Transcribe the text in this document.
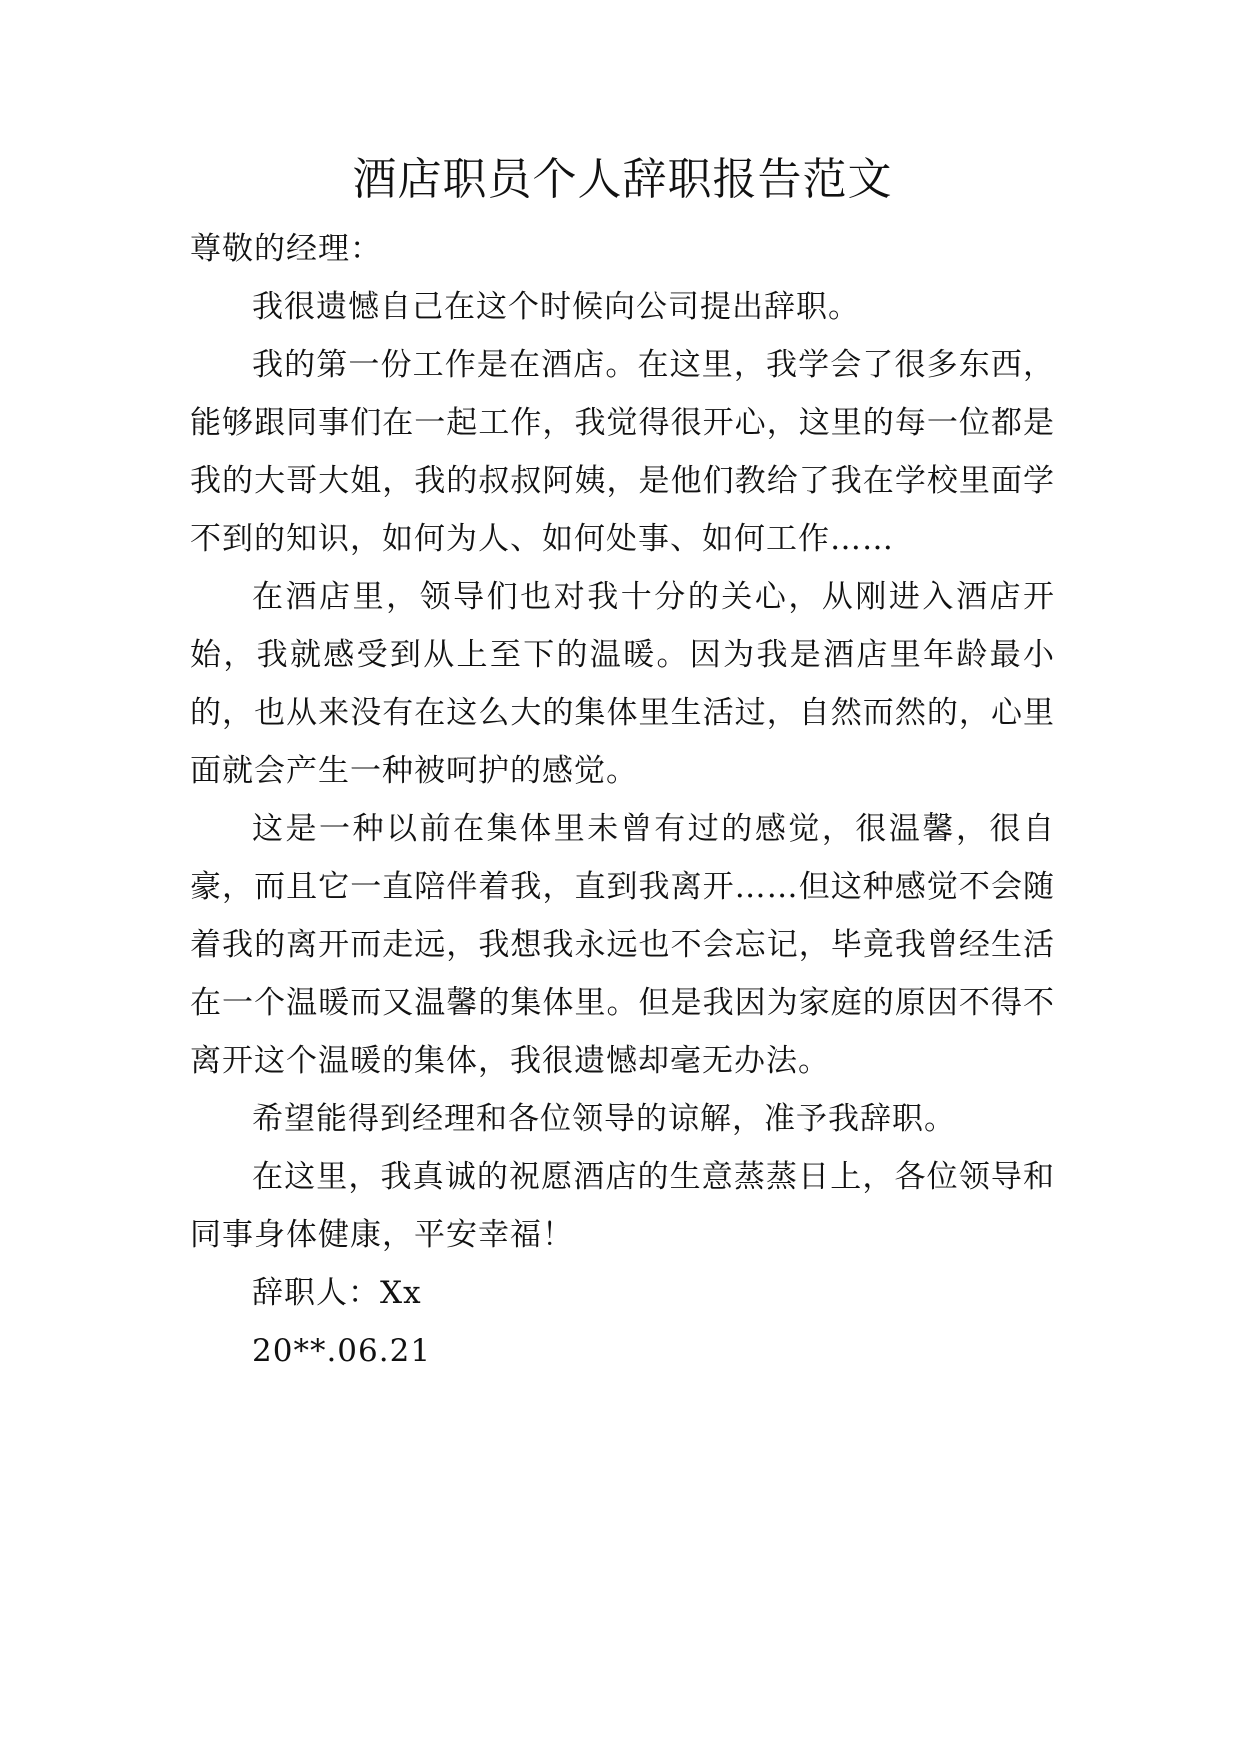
酒店职员个人辞职报告范文

尊敬的经理：

我很遗憾自己在这个时候向公司提出辞职。

我的第一份工作是在酒店。在这里，我学会了很多东西，能够跟同事们在一起工作，我觉得很开心，这里的每一位都是我的大哥大姐，我的叔叔阿姨，是他们教给了我在学校里面学不到的知识，如何为人、如何处事、如何工作……

在酒店里，领导们也对我十分的关心，从刚进入酒店开始，我就感受到从上至下的温暖。因为我是酒店里年龄最小的，也从来没有在这么大的集体里生活过，自然而然的，心里面就会产生一种被呵护的感觉。

这是一种以前在集体里未曾有过的感觉，很温馨，很自豪，而且它一直陪伴着我，直到我离开……但这种感觉不会随着我的离开而走远，我想我永远也不会忘记，毕竟我曾经生活在一个温暖而又温馨的集体里。但是我因为家庭的原因不得不离开这个温暖的集体，我很遗憾却毫无办法。

希望能得到经理和各位领导的谅解，准予我辞职。

在这里，我真诚的祝愿酒店的生意蒸蒸日上，各位领导和同事身体健康，平安幸福！

辞职人：Xx

20**.06.21
